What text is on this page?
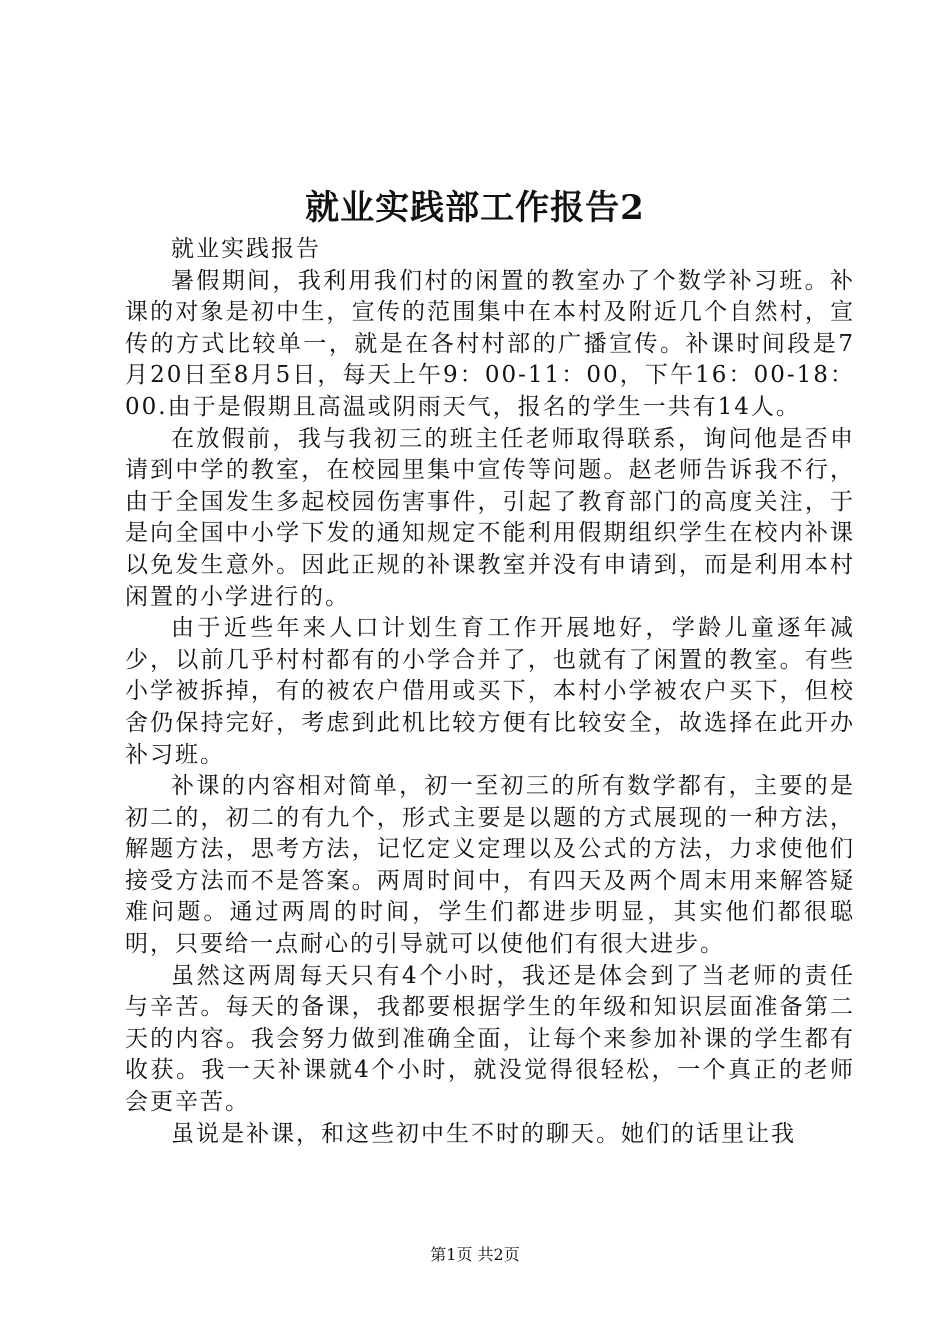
就业实践部工作报告2

就业实践报告

暑假期间，我利用我们村的闲置的教室办了个数学补习班。补课的对象是初中生，宣传的范围集中在本村及附近几个自然村，宣传的方式比较单一，就是在各村村部的广播宣传。补课时间段是7月20日至8月5日，每天上午9：00-11：00，下午16：00-18：00.由于是假期且高温或阴雨天气，报名的学生一共有14人。

在放假前，我与我初三的班主任老师取得联系，询问他是否申请到中学的教室，在校园里集中宣传等问题。赵老师告诉我不行，由于全国发生多起校园伤害事件，引起了教育部门的高度关注，于是向全国中小学下发的通知规定不能利用假期组织学生在校内补课以免发生意外。因此正规的补课教室并没有申请到，而是利用本村闲置的小学进行的。

由于近些年来人口计划生育工作开展地好，学龄儿童逐年减少，以前几乎村村都有的小学合并了，也就有了闲置的教室。有些小学被拆掉，有的被农户借用或买下，本村小学被农户买下，但校舍仍保持完好，考虑到此机比较方便有比较安全，故选择在此开办补习班。

补课的内容相对简单，初一至初三的所有数学都有，主要的是初二的，初二的有九个，形式主要是以题的方式展现的一种方法，解题方法，思考方法，记忆定义定理以及公式的方法，力求使他们接受方法而不是答案。两周时间中，有四天及两个周末用来解答疑难问题。通过两周的时间，学生们都进步明显，其实他们都很聪明，只要给一点耐心的引导就可以使他们有很大进步。

虽然这两周每天只有4个小时，我还是体会到了当老师的责任与辛苦。每天的备课，我都要根据学生的年级和知识层面准备第二天的内容。我会努力做到准确全面，让每个来参加补课的学生都有收获。我一天补课就4个小时，就没觉得很轻松，一个真正的老师会更辛苦。

虽说是补课，和这些初中生不时的聊天。她们的话里让我

第1页 共2页
